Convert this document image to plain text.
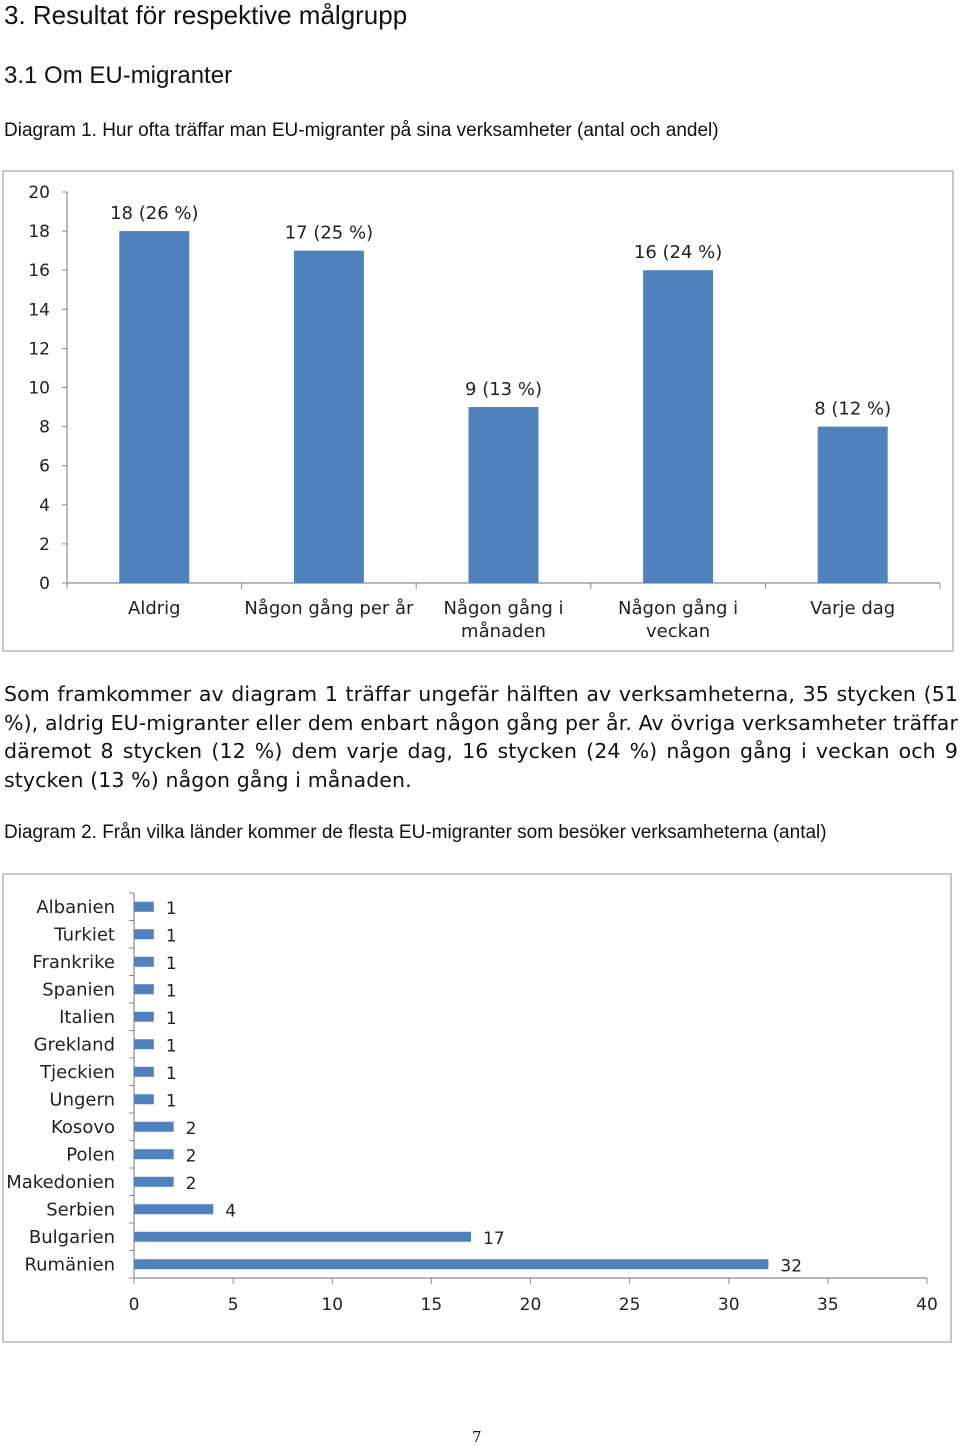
3. Resultat för respektive målgrupp
3.1 Om EU-migranter
Diagram 1. Hur ofta träffar man EU-migranter på sina verksamheter (antal och andel)
0
2
4
6
8
10
12
14
16
18
20
18 (26 %)
Aldrig
17 (25 %)
Någon gång per år
9 (13 %)
Någon gång i
månaden
16 (24 %)
Någon gång i
veckan
8 (12 %)
Varje dag
Som framkommer av diagram 1 träffar ungefär hälften av verksamheterna, 35 stycken (51 %), aldrig EU-migranter eller dem enbart någon gång per år. Av övriga verksamheter träffar däremot 8 stycken (12 %) dem varje dag, 16 stycken (24 %) någon gång i veckan och 9 stycken (13 %) någon gång i månaden.
Diagram 2. Från vilka länder kommer de flesta EU-migranter som besöker verksamheterna (antal)
0	5	10	15	20	25	30	35	40
1
Albanien
1
Turkiet
1
Frankrike
1
Spanien
1
Italien
1
Grekland
1
Tjeckien
1
Ungern
2
Kosovo
2
Polen
2
Makedonien
4
Serbien
17
Bulgarien
32
Rumänien
7
